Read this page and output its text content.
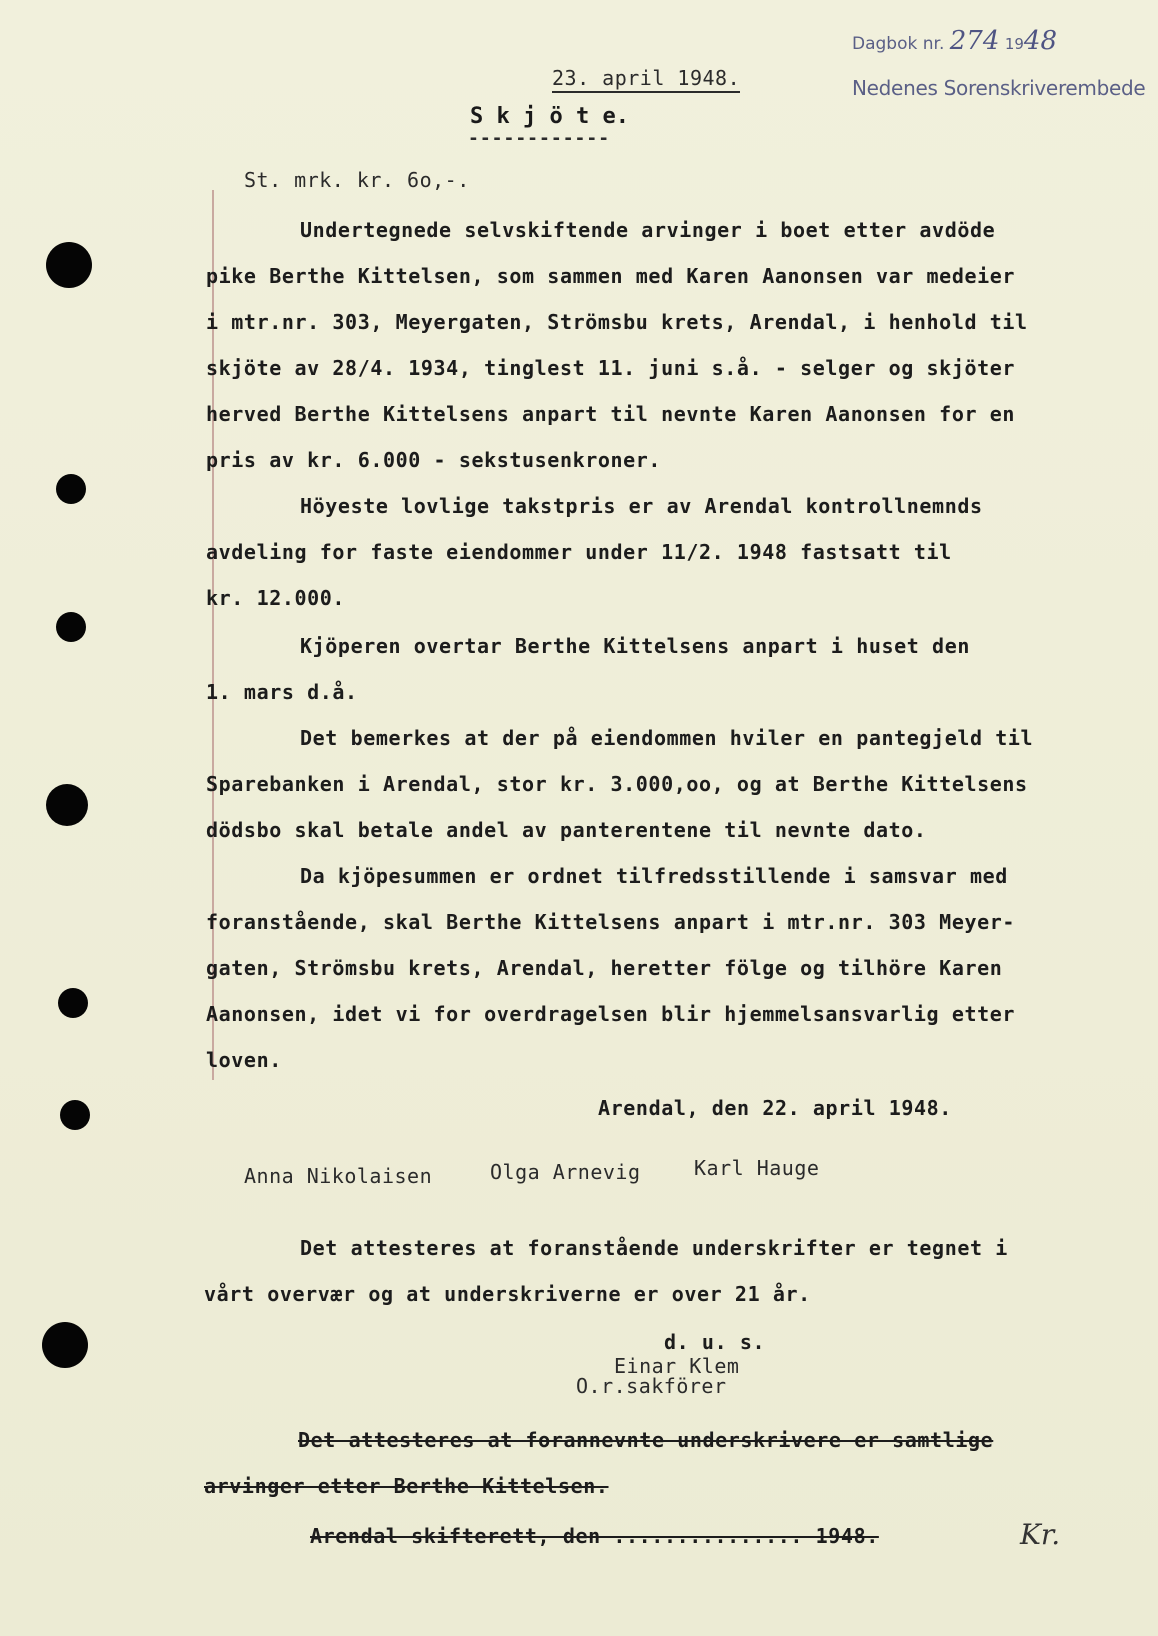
Dagbok nr. 274 1948
Nedenes Sorenskriverembede
23. april 1948.
S k j ö t e.
------------
St. mrk. kr. 6o,-.
Undertegnede selvskiftende arvinger i boet etter avdöde
pike Berthe Kittelsen, som sammen med Karen Aanonsen var medeier
i mtr.nr. 303, Meyergaten, Strömsbu krets, Arendal, i henhold til
skjöte av 28/4. 1934, tinglest 11. juni s.å. - selger og skjöter
herved Berthe Kittelsens anpart til nevnte Karen Aanonsen for en
pris av kr. 6.000 - sekstusenkroner.
Höyeste lovlige takstpris er av Arendal kontrollnemnds
avdeling for faste eiendommer under 11/2. 1948 fastsatt til
kr. 12.000.
Kjöperen overtar Berthe Kittelsens anpart i huset den
1. mars d.å.
Det bemerkes at der på eiendommen hviler en pantegjeld til
Sparebanken i Arendal, stor kr. 3.000,oo, og at Berthe Kittelsens
dödsbo skal betale andel av panterentene til nevnte dato.
Da kjöpesummen er ordnet tilfredsstillende i samsvar med
foranstående, skal Berthe Kittelsens anpart i mtr.nr. 303 Meyer-
gaten, Strömsbu krets, Arendal, heretter fölge og tilhöre Karen
Aanonsen, idet vi for overdragelsen blir hjemmelsansvarlig etter
loven.
Arendal, den 22. april 1948.
Anna Nikolaisen	Olga Arnevig	Karl Hauge
Det attesteres at foranstående underskrifter er tegnet i
vårt overvær og at underskriverne er over 21 år.
d. u. s.
Einar Klem
O.r.sakförer
Det attesteres at forannevnte underskrivere er samtlige
arvinger etter Berthe Kittelsen.
Arendal skifterett, den ............... 1948.	Kr.
